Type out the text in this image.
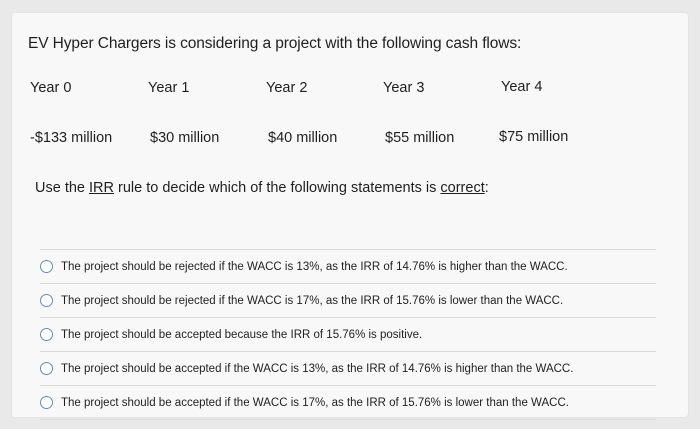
EV Hyper Chargers is considering a project with the following cash flows:
Year 0	Year 1	Year 2	Year 3	Year 4
-$133 million	$30 million	$40 million	$55 million	$75 million
Use the IRR rule to decide which of the following statements is correct:
The project should be rejected if the WACC is 13%, as the IRR of 14.76% is higher than the WACC.
The project should be rejected if the WACC is 17%, as the IRR of 15.76% is lower than the WACC.
The project should be accepted because the IRR of 15.76% is positive.
The project should be accepted if the WACC is 13%, as the IRR of 14.76% is higher than the WACC.
The project should be accepted if the WACC is 17%, as the IRR of 15.76% is lower than the WACC.
